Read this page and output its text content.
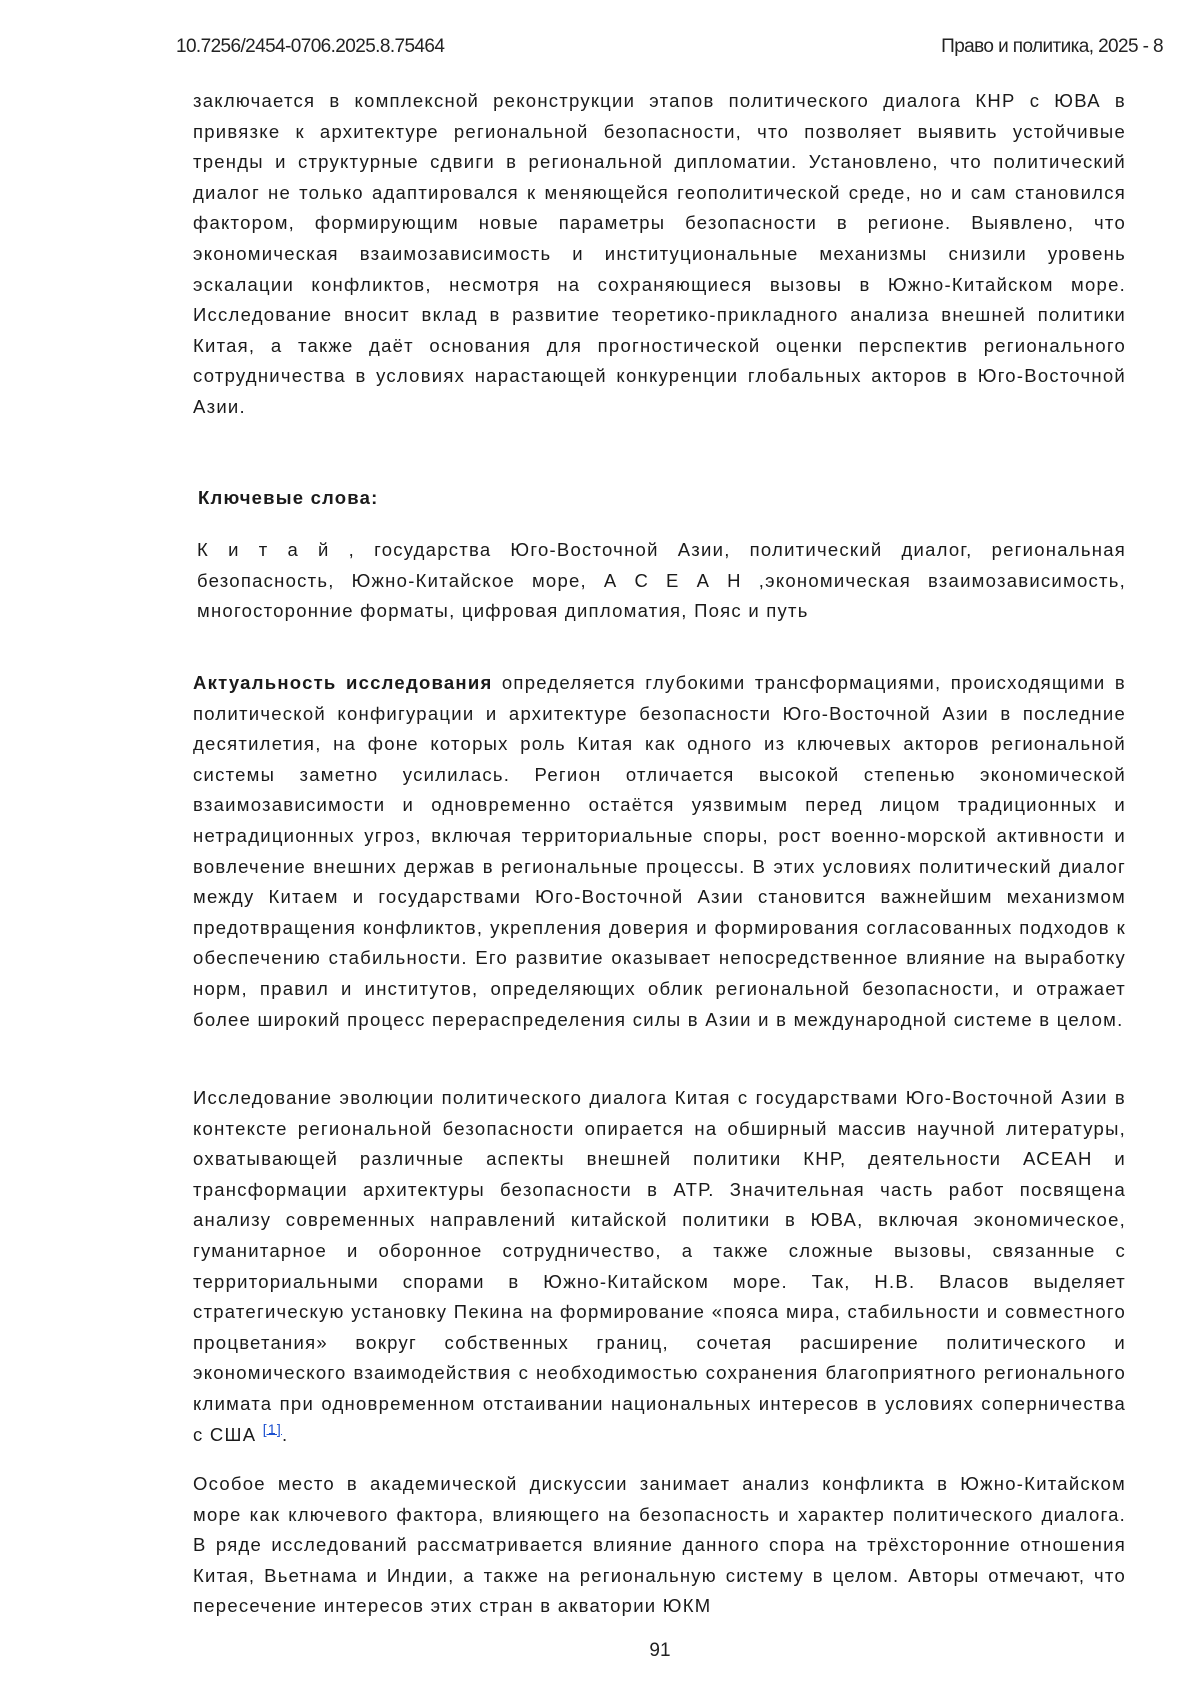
10.7256/2454-0706.2025.8.75464	Право и политика, 2025 - 8

заключается в комплексной реконструкции этапов политического диалога КНР с ЮВА в привязке к архитектуре региональной безопасности, что позволяет выявить устойчивые тренды и структурные сдвиги в региональной дипломатии. Установлено, что политический диалог не только адаптировался к меняющейся геополитической среде, но и сам становился фактором, формирующим новые параметры безопасности в регионе. Выявлено, что экономическая взаимозависимость и институциональные механизмы снизили уровень эскалации конфликтов, несмотря на сохраняющиеся вызовы в Южно-Китайском море. Исследование вносит вклад в развитие теоретико-прикладного анализа внешней политики Китая, а также даёт основания для прогностической оценки перспектив регионального сотрудничества в условиях нарастающей конкуренции глобальных акторов в Юго-Восточной Азии.

Ключевые слова:

К и т а й , государства Юго-Восточной Азии, политический диалог, региональная безопасность, Южно-Китайское море, А С Е А Н ,экономическая взаимозависимость, многосторонние форматы, цифровая дипломатия, Пояс и путь

Актуальность исследования определяется глубокими трансформациями, происходящими в политической конфигурации и архитектуре безопасности Юго-Восточной Азии в последние десятилетия, на фоне которых роль Китая как одного из ключевых акторов региональной системы заметно усилилась. Регион отличается высокой степенью экономической взаимозависимости и одновременно остаётся уязвимым перед лицом традиционных и нетрадиционных угроз, включая территориальные споры, рост военно-морской активности и вовлечение внешних держав в региональные процессы. В этих условиях политический диалог между Китаем и государствами Юго-Восточной Азии становится важнейшим механизмом предотвращения конфликтов, укрепления доверия и формирования согласованных подходов к обеспечению стабильности. Его развитие оказывает непосредственное влияние на выработку норм, правил и институтов, определяющих облик региональной безопасности, и отражает более широкий процесс перераспределения силы в Азии и в международной системе в целом.

Исследование эволюции политического диалога Китая с государствами Юго-Восточной Азии в контексте региональной безопасности опирается на обширный массив научной литературы, охватывающей различные аспекты внешней политики КНР, деятельности АСЕАН и трансформации архитектуры безопасности в АТР. Значительная часть работ посвящена анализу современных направлений китайской политики в ЮВА, включая экономическое, гуманитарное и оборонное сотрудничество, а также сложные вызовы, связанные с территориальными спорами в Южно-Китайском море. Так, Н.В. Власов выделяет стратегическую установку Пекина на формирование «пояса мира, стабильности и совместного процветания» вокруг собственных границ, сочетая расширение политического и экономического взаимодействия с необходимостью сохранения благоприятного регионального климата при одновременном отстаивании национальных интересов в условиях соперничества с США [1].

Особое место в академической дискуссии занимает анализ конфликта в Южно-Китайском море как ключевого фактора, влияющего на безопасность и характер политического диалога. В ряде исследований рассматривается влияние данного спора на трёхсторонние отношения Китая, Вьетнама и Индии, а также на региональную систему в целом. Авторы отмечают, что пересечение интересов этих стран в акватории ЮКМ

91
